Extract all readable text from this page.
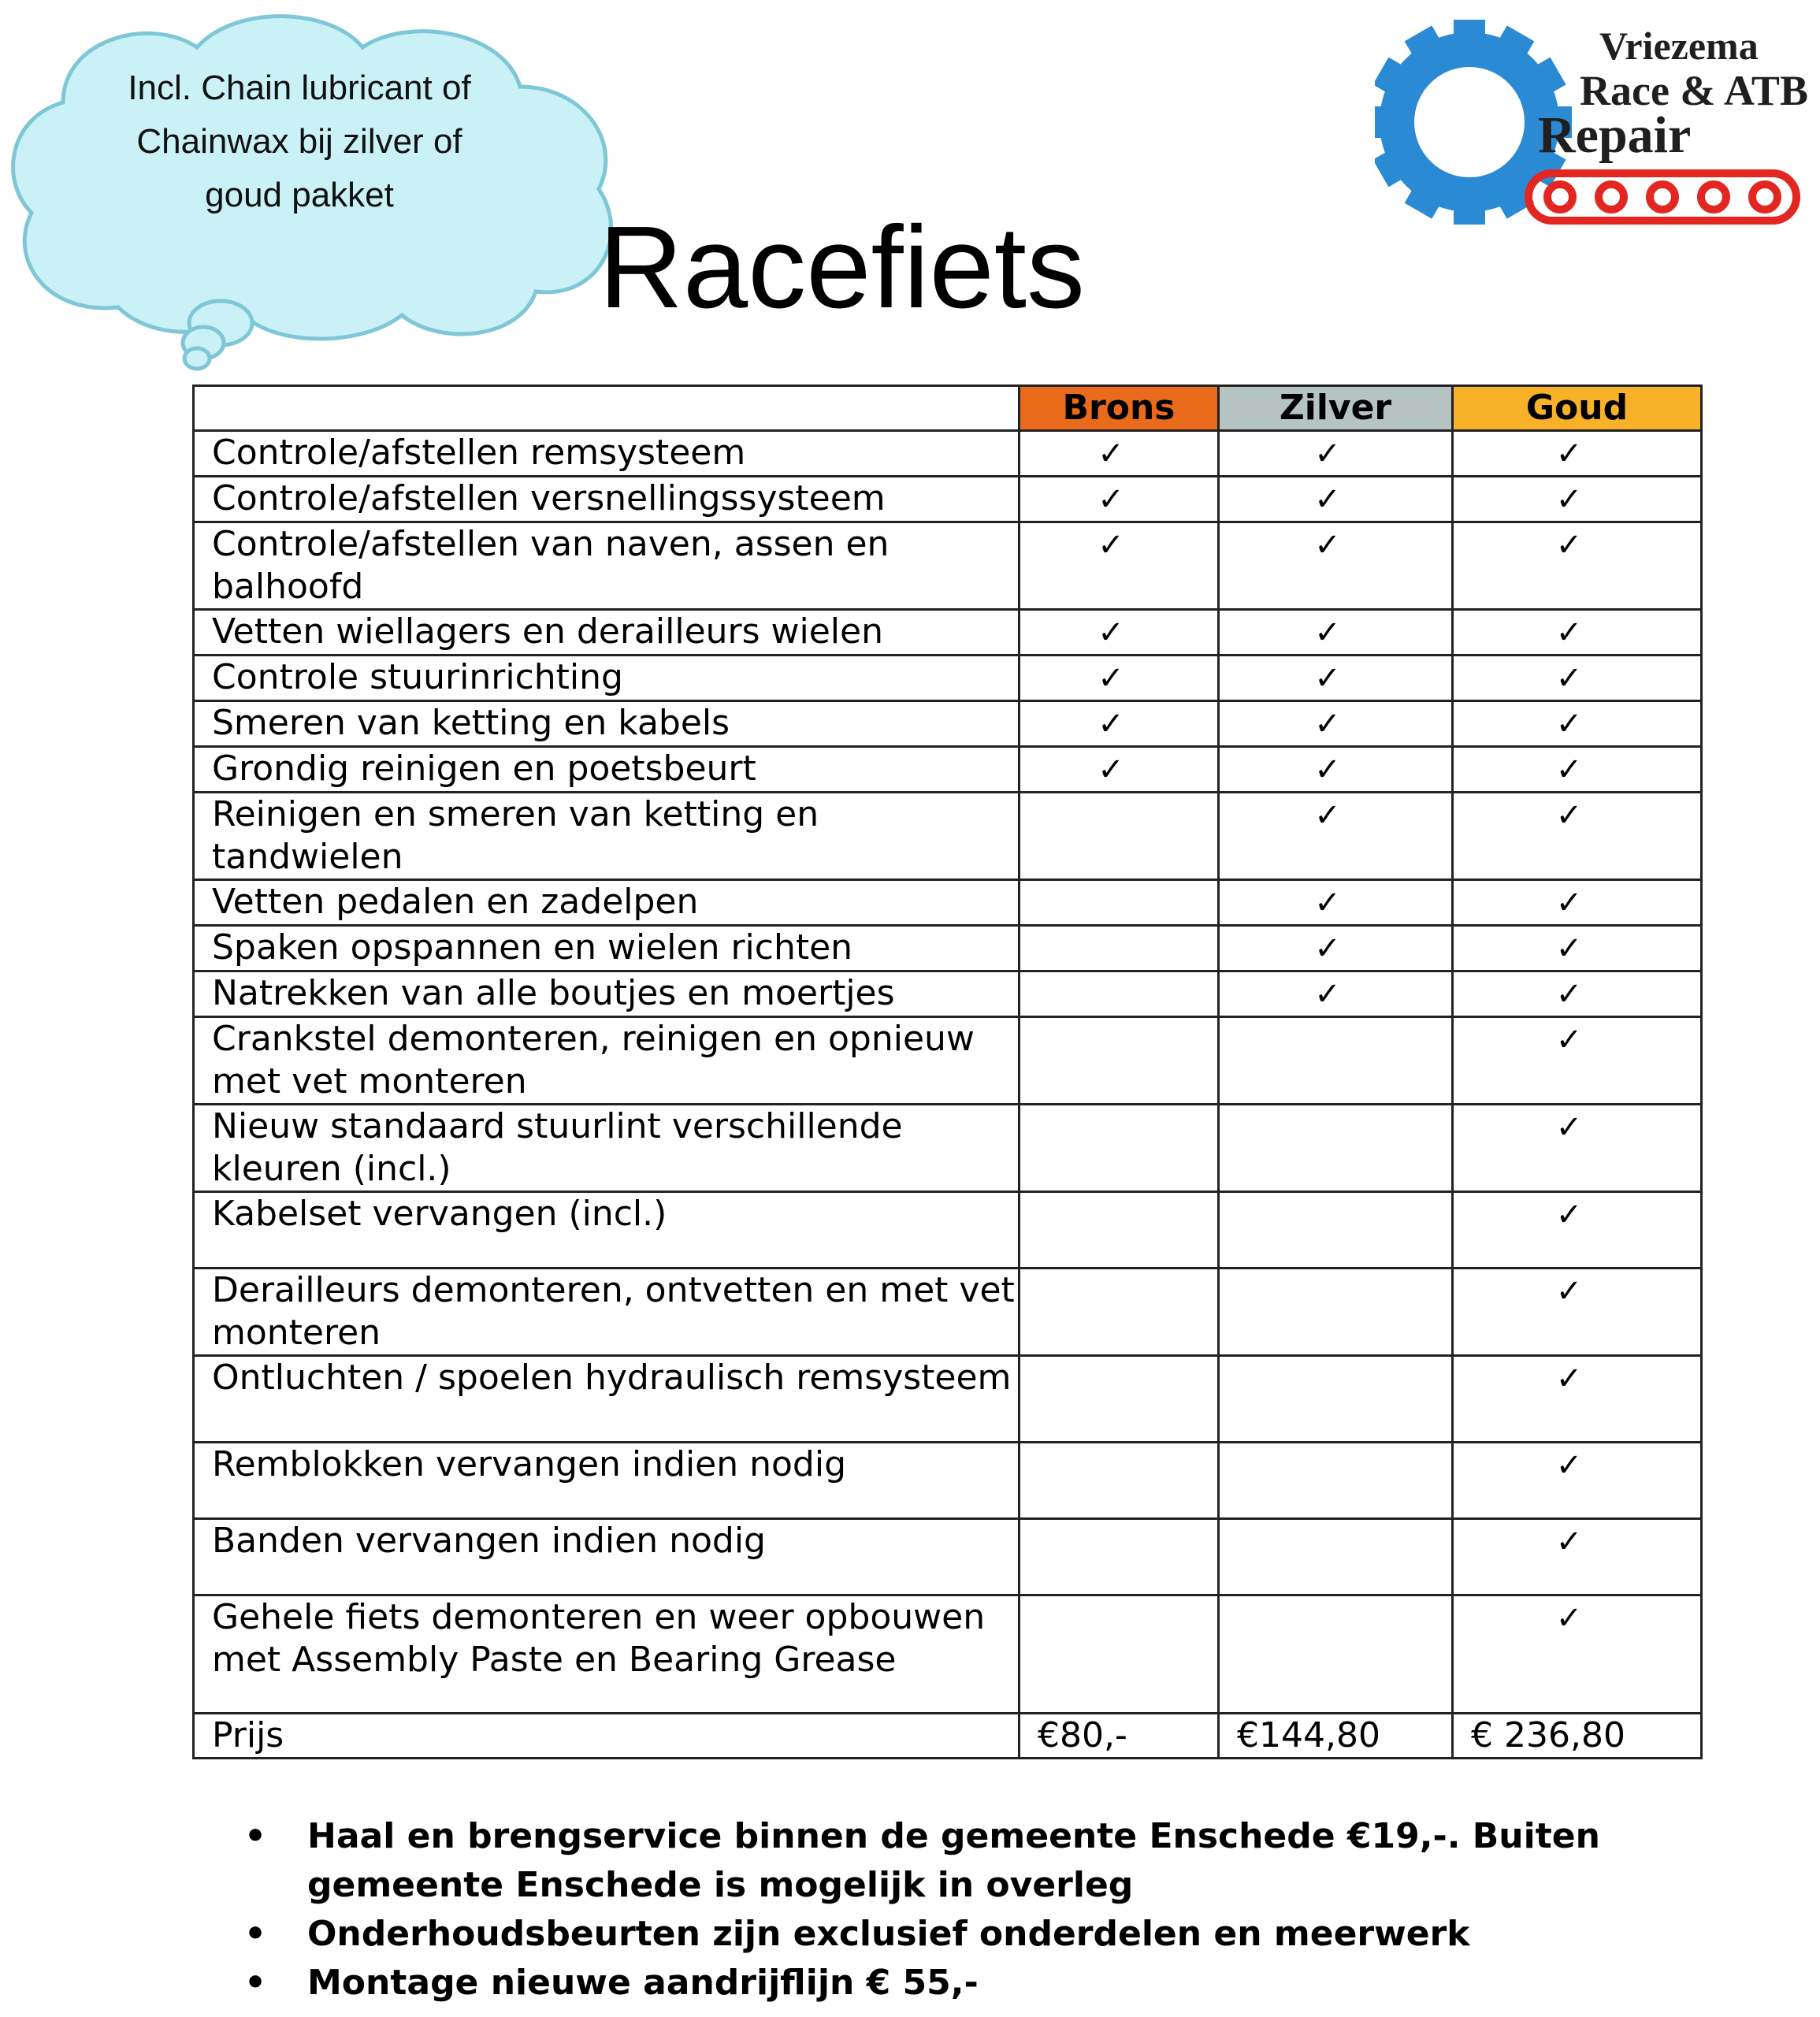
Incl. Chain lubricant of
Chainwax bij zilver of
goud pakket
Vriezema
Race & ATB
Repair
Racefiets
	Brons	Zilver	Goud
Controle/afstellen remsysteem	✓	✓	✓
Controle/afstellen versnellingssysteem	✓	✓	✓
Controle/afstellen van naven, assen en balhoofd	✓	✓	✓
Vetten wiellagers en derailleurs wielen	✓	✓	✓
Controle stuurinrichting	✓	✓	✓
Smeren van ketting en kabels	✓	✓	✓
Grondig reinigen en poetsbeurt	✓	✓	✓
Reinigen en smeren van ketting en tandwielen		✓	✓
Vetten pedalen en zadelpen		✓	✓
Spaken opspannen en wielen richten		✓	✓
Natrekken van alle boutjes en moertjes		✓	✓
Crankstel demonteren, reinigen en opnieuw met vet monteren			✓
Nieuw standaard stuurlint verschillende kleuren (incl.)			✓
Kabelset vervangen (incl.)			✓
Derailleurs demonteren, ontvetten en met vet monteren			✓
Ontluchten / spoelen hydraulisch remsysteem			✓
Remblokken vervangen indien nodig			✓
Banden vervangen indien nodig			✓
Gehele fiets demonteren en weer opbouwen met Assembly Paste en Bearing Grease			✓
Prijs	€80,-	€144,80	€ 236,80
• Haal en brengservice binnen de gemeente Enschede €19,-. Buiten gemeente Enschede is mogelijk in overleg
• Onderhoudsbeurten zijn exclusief onderdelen en meerwerk
• Montage nieuwe aandrijflijn € 55,-
